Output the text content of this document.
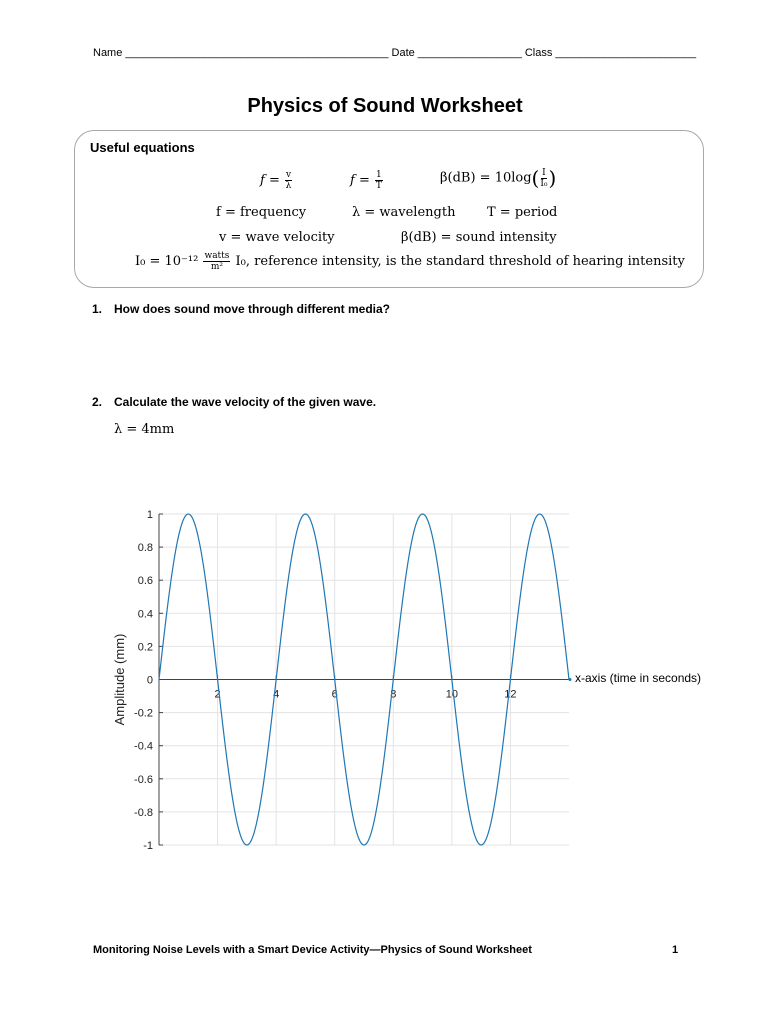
Name ___________________________________________ Date _________________ Class _______________________
Physics of Sound Worksheet
Useful equations
$f = \frac{v}{\lambda}$	$f = \frac{1}{T}$	$\beta(dB) = 10\log( \frac{I}{\text{I₀}}$ )
f = frequency	λ = wavelength T = period
v = wave velocity	β(dB) = sound intensity
$I_0 = 10^{-12} \frac{\text{watts}}{\text{m²}} I_0$, reference intensity, is the standard threshold of hearing intensity
1. How does sound move through different media?
2. Calculate the wave velocity of the given wave.
λ = 4mm
1
0.8
0.6
0.4
0.2
0
-0.2
-0.4
-0.6
-0.8
-1
2	4	6	8	10	12
Amplitude (mm)	x-axis (time in seconds)
Monitoring Noise Levels with a Smart Device Activity—Physics of Sound Worksheet	1
